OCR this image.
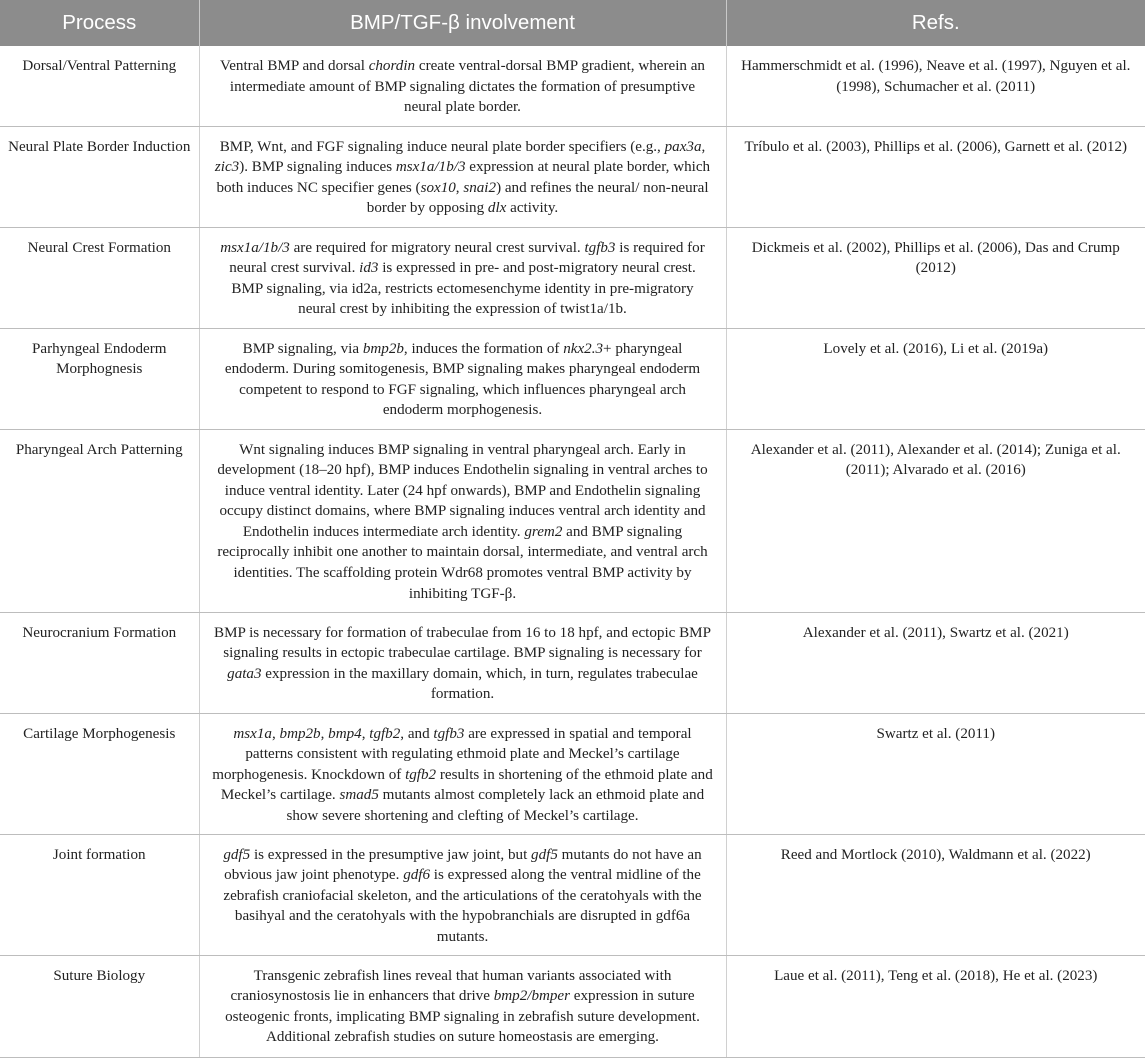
Process	BMP/TGF-β involvement	Refs.
Dorsal/Ventral Patterning	Ventral BMP and dorsal chordin create ventral-dorsal BMP gradient, wherein an intermediate amount of BMP signaling dictates the formation of presumptive neural plate border.	Hammerschmidt et al. (1996), Neave et al. (1997), Nguyen et al. (1998), Schumacher et al. (2011)
Neural Plate Border Induction	BMP, Wnt, and FGF signaling induce neural plate border specifiers (e.g., pax3a, zic3). BMP signaling induces msx1a/1b/3 expression at neural plate border, which both induces NC specifier genes (sox10, snai2) and refines the neural/ non-neural border by opposing dlx activity.	Tríbulo et al. (2003), Phillips et al. (2006), Garnett et al. (2012)
Neural Crest Formation	msx1a/1b/3 are required for migratory neural crest survival. tgfb3 is required for neural crest survival. id3 is expressed in pre- and post-migratory neural crest. BMP signaling, via id2a, restricts ectomesenchyme identity in pre-migratory neural crest by inhibiting the expression of twist1a/1b.	Dickmeis et al. (2002), Phillips et al. (2006), Das and Crump (2012)
Parhyngeal Endoderm Morphognesis	BMP signaling, via bmp2b, induces the formation of nkx2.3+ pharyngeal endoderm. During somitogenesis, BMP signaling makes pharyngeal endoderm competent to respond to FGF signaling, which influences pharyngeal arch endoderm morphogenesis.	Lovely et al. (2016), Li et al. (2019a)
Pharyngeal Arch Patterning	Wnt signaling induces BMP signaling in ventral pharyngeal arch. Early in development (18–20 hpf), BMP induces Endothelin signaling in ventral arches to induce ventral identity. Later (24 hpf onwards), BMP and Endothelin signaling occupy distinct domains, where BMP signaling induces ventral arch identity and Endothelin induces intermediate arch identity. grem2 and BMP signaling reciprocally inhibit one another to maintain dorsal, intermediate, and ventral arch identities. The scaffolding protein Wdr68 promotes ventral BMP activity by inhibiting TGF-β.	Alexander et al. (2011), Alexander et al. (2014); Zuniga et al. (2011); Alvarado et al. (2016)
Neurocranium Formation	BMP is necessary for formation of trabeculae from 16 to 18 hpf, and ectopic BMP signaling results in ectopic trabeculae cartilage. BMP signaling is necessary for gata3 expression in the maxillary domain, which, in turn, regulates trabeculae formation.	Alexander et al. (2011), Swartz et al. (2021)
Cartilage Morphogenesis	msx1a, bmp2b, bmp4, tgfb2, and tgfb3 are expressed in spatial and temporal patterns consistent with regulating ethmoid plate and Meckel’s cartilage morphogenesis. Knockdown of tgfb2 results in shortening of the ethmoid plate and Meckel’s cartilage. smad5 mutants almost completely lack an ethmoid plate and show severe shortening and clefting of Meckel’s cartilage.	Swartz et al. (2011)
Joint formation	gdf5 is expressed in the presumptive jaw joint, but gdf5 mutants do not have an obvious jaw joint phenotype. gdf6 is expressed along the ventral midline of the zebrafish craniofacial skeleton, and the articulations of the ceratohyals with the basihyal and the ceratohyals with the hypobranchials are disrupted in gdf6a mutants.	Reed and Mortlock (2010), Waldmann et al. (2022)
Suture Biology	Transgenic zebrafish lines reveal that human variants associated with craniosynostosis lie in enhancers that drive bmp2/bmper expression in suture osteogenic fronts, implicating BMP signaling in zebrafish suture development. Additional zebrafish studies on suture homeostasis are emerging.	Laue et al. (2011), Teng et al. (2018), He et al. (2023)
